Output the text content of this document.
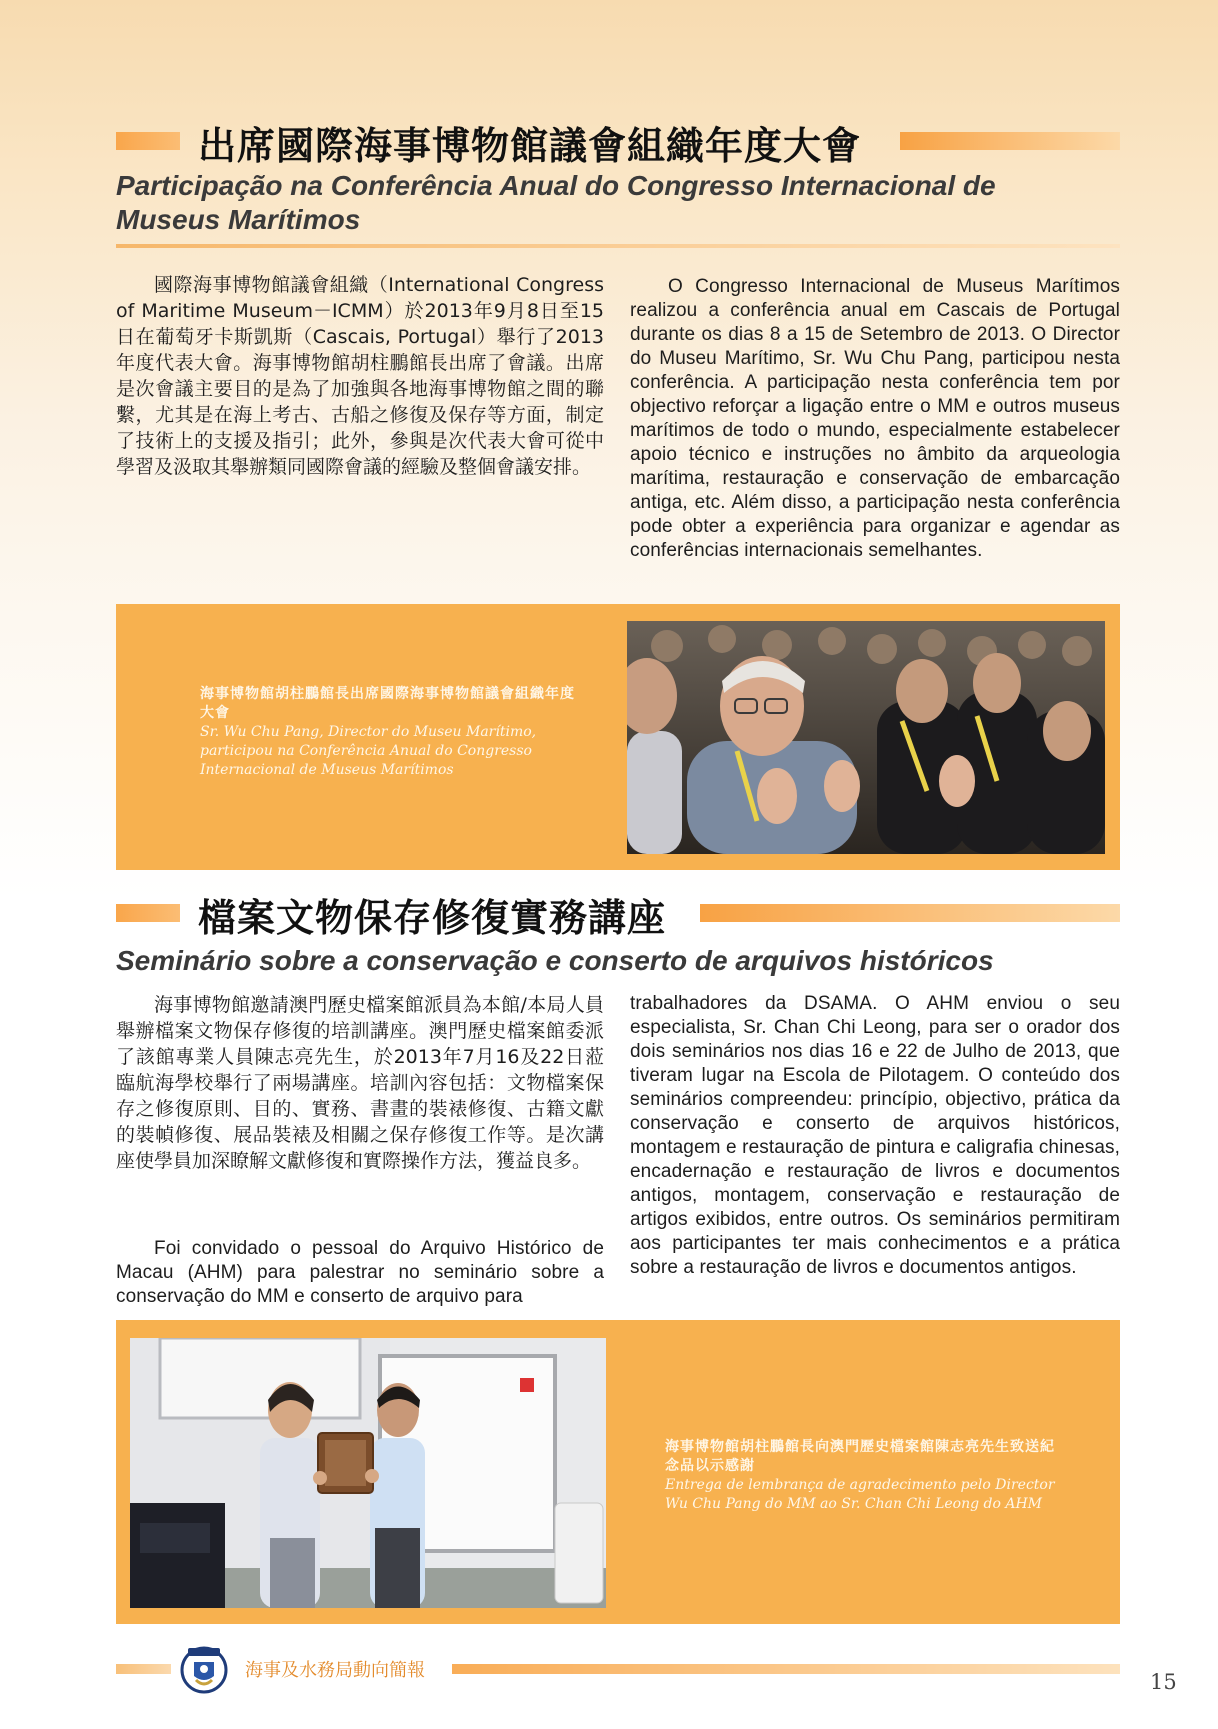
出席國際海事博物館議會組織年度大會
Participação na Conferência Anual do Congresso Internacional de
Museus Marítimos

國際海事博物館議會組織（International Congress of Maritime Museum－ICMM）於2013年9月8日至15日在葡萄牙卡斯凱斯（Cascais, Portugal）舉行了2013年度代表大會。海事博物館胡柱鵬館長出席了會議。出席是次會議主要目的是為了加強與各地海事博物館之間的聯繫，尤其是在海上考古、古船之修復及保存等方面，制定了技術上的支援及指引；此外，參與是次代表大會可從中學習及汲取其舉辦類同國際會議的經驗及整個會議安排。

O Congresso Internacional de Museus Marítimos realizou a conferência anual em Cascais de Portugal durante os dias 8 a 15 de Setembro de 2013. O Director do Museu Marítimo, Sr. Wu Chu Pang, participou nesta conferência. A participação nesta conferência tem por objectivo reforçar a ligação entre o MM e outros museus marítimos de todo o mundo, especialmente estabelecer apoio técnico e instruções no âmbito da arqueologia marítima, restauração e conservação de embarcação antiga, etc. Além disso, a participação nesta conferência pode obter a experiência para organizar e agendar as conferências internacionais semelhantes.

海事博物館胡柱鵬館長出席國際海事博物館議會組織年度大會
Sr. Wu Chu Pang, Director do Museu Marítimo, participou na Conferência Anual do Congresso Internacional de Museus Marítimos
檔案文物保存修復實務講座
Seminário sobre a conservação e conserto de arquivos históricos

海事博物館邀請澳門歷史檔案館派員為本館/本局人員舉辦檔案文物保存修復的培訓講座。澳門歷史檔案館委派了該館專業人員陳志亮先生，於2013年7月16及22日蒞臨航海學校舉行了兩場講座。培訓內容包括：文物檔案保存之修復原則、目的、實務、書畫的裝裱修復、古籍文獻的裝幀修復、展品裝裱及相關之保存修復工作等。是次講座使學員加深瞭解文獻修復和實際操作方法，獲益良多。

Foi convidado o pessoal do Arquivo Histórico de Macau (AHM) para palestrar no seminário sobre a conservação do MM e conserto de arquivo para

trabalhadores da DSAMA. O AHM enviou o seu especialista, Sr. Chan Chi Leong, para ser o orador dos dois seminários nos dias 16 e 22 de Julho de 2013, que tiveram lugar na Escola de Pilotagem. O conteúdo dos seminários compreendeu: princípio, objectivo, prática da conservação e conserto de arquivos históricos, montagem e restauração de pintura e caligrafia chinesas, encadernação e restauração de livros e documentos antigos, montagem, conservação e restauração de artigos exibidos, entre outros. Os seminários permitiram aos participantes ter mais conhecimentos e a prática sobre a restauração de livros e documentos antigos.

海事博物館胡柱鵬館長向澳門歷史檔案館陳志亮先生致送紀念品以示感謝
Entrega de lembrança de agradecimento pelo Director Wu Chu Pang do MM ao Sr. Chan Chi Leong do AHM
海事及水務局動向簡報	15
